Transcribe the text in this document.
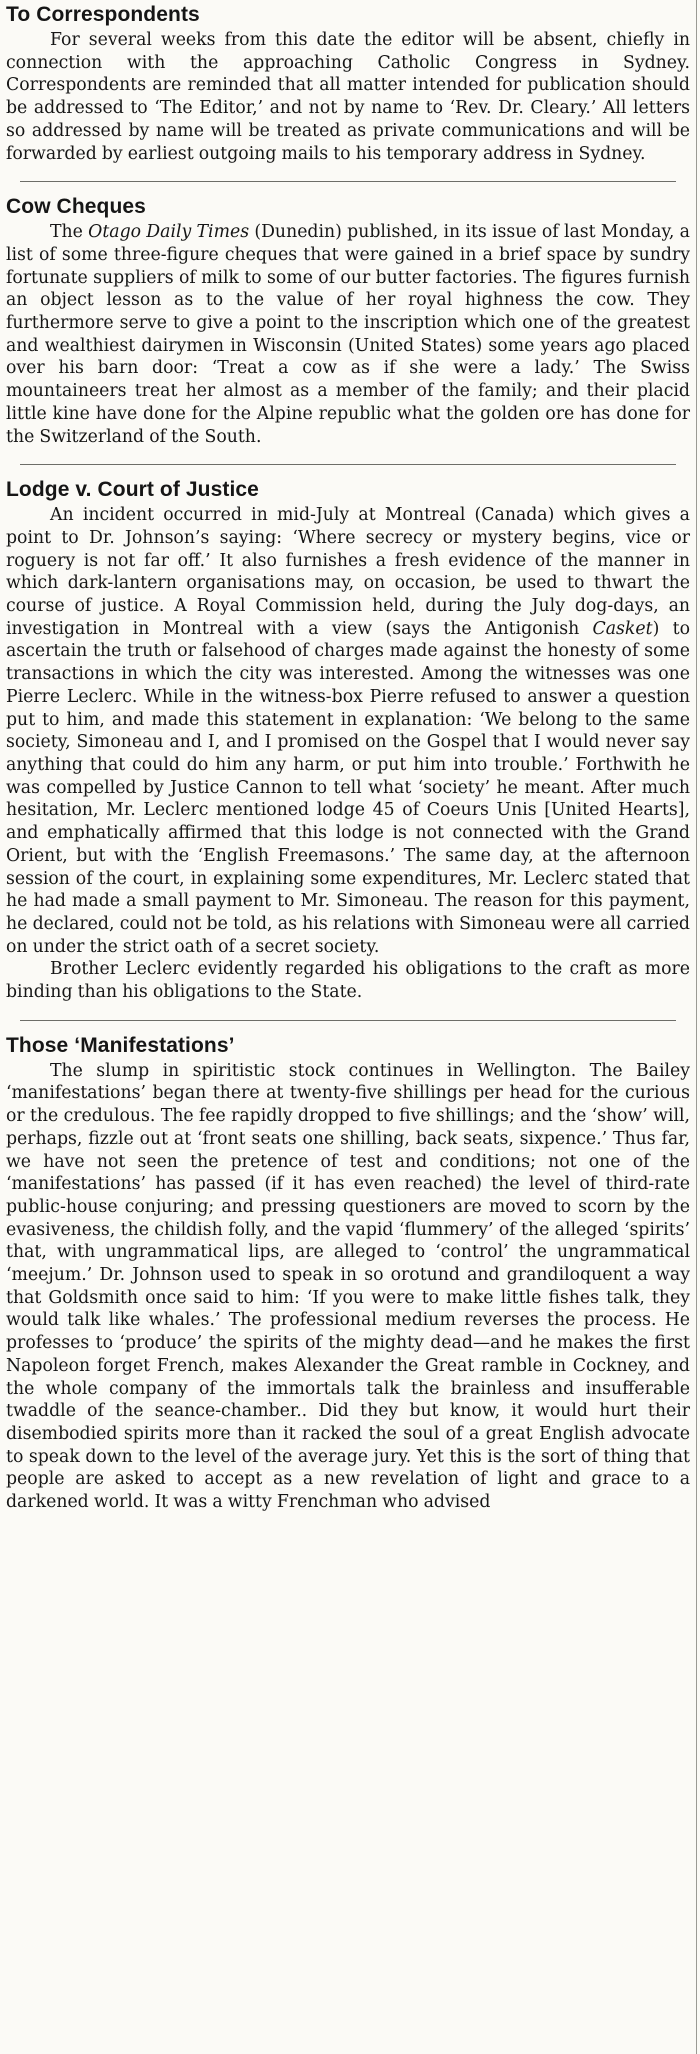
To Correspondents

For several weeks from this date the editor will be absent, chiefly in connection with the approaching Catholic Congress in Sydney. Correspondents are reminded that all matter intended for publication should be addressed to ‘The Editor,’ and not by name to ‘Rev. Dr. Cleary.’ All letters so addressed by name will be treated as private communications and will be forwarded by earliest outgoing mails to his temporary address in Sydney.

Cow Cheques

The Otago Daily Times (Dunedin) published, in its issue of last Monday, a list of some three-figure cheques that were gained in a brief space by sundry fortunate suppliers of milk to some of our butter factories. The figures furnish an object lesson as to the value of her royal highness the cow. They furthermore serve to give a point to the inscription which one of the greatest and wealthiest dairymen in Wisconsin (United States) some years ago placed over his barn door: ‘Treat a cow as if she were a lady.’ The Swiss mountaineers treat her almost as a member of the family; and their placid little kine have done for the Alpine republic what the golden ore has done for the Switzerland of the South.

Lodge v. Court of Justice

An incident occurred in mid-July at Montreal (Canada) which gives a point to Dr. Johnson’s saying: ‘Where secrecy or mystery begins, vice or roguery is not far off.’ It also furnishes a fresh evidence of the manner in which dark-lantern organisations may, on occasion, be used to thwart the course of justice. A Royal Commission held, during the July dog-days, an investigation in Montreal with a view (says the Antigonish Casket) to ascertain the truth or falsehood of charges made against the honesty of some transactions in which the city was interested. Among the witnesses was one Pierre Leclerc. While in the witness-box Pierre refused to answer a question put to him, and made this statement in explanation: ‘We belong to the same society, Simoneau and I, and I promised on the Gospel that I would never say anything that could do him any harm, or put him into trouble.’ Forthwith he was compelled by Justice Cannon to tell what ‘society’ he meant. After much hesitation, Mr. Leclerc mentioned lodge 45 of Coeurs Unis [United Hearts], and emphatically affirmed that this lodge is not connected with the Grand Orient, but with the ‘English Freemasons.’ The same day, at the afternoon session of the court, in explaining some expenditures, Mr. Leclerc stated that he had made a small payment to Mr. Simoneau. The reason for this payment, he declared, could not be told, as his relations with Simoneau were all carried on under the strict oath of a secret society.

Brother Leclerc evidently regarded his obligations to the craft as more binding than his obligations to the State.

Those ‘Manifestations’

The slump in spiritistic stock continues in Wellington. The Bailey ‘manifestations’ began there at twenty-five shillings per head for the curious or the credulous. The fee rapidly dropped to five shillings; and the ‘show’ will, perhaps, fizzle out at ‘front seats one shilling, back seats, sixpence.’ Thus far, we have not seen the pretence of test and conditions; not one of the ‘manifestations’ has passed (if it has even reached) the level of third-rate public-house conjuring; and pressing questioners are moved to scorn by the evasiveness, the childish folly, and the vapid ‘flummery’ of the alleged ‘spirits’ that, with ungrammatical lips, are alleged to ‘control’ the ungrammatical ‘meejum.’ Dr. Johnson used to speak in so orotund and grandiloquent a way that Goldsmith once said to him: ‘If you were to make little fishes talk, they would talk like whales.’ The professional medium reverses the process. He professes to ‘produce’ the spirits of the mighty dead—and he makes the first Napoleon forget French, makes Alexander the Great ramble in Cockney, and the whole company of the immortals talk the brainless and insufferable twaddle of the seance-chamber.. Did they but know, it would hurt their disembodied spirits more than it racked the soul of a great English advocate to speak down to the level of the average jury. Yet this is the sort of thing that people are asked to accept as a new revelation of light and grace to a darkened world. It was a witty Frenchman who advised
